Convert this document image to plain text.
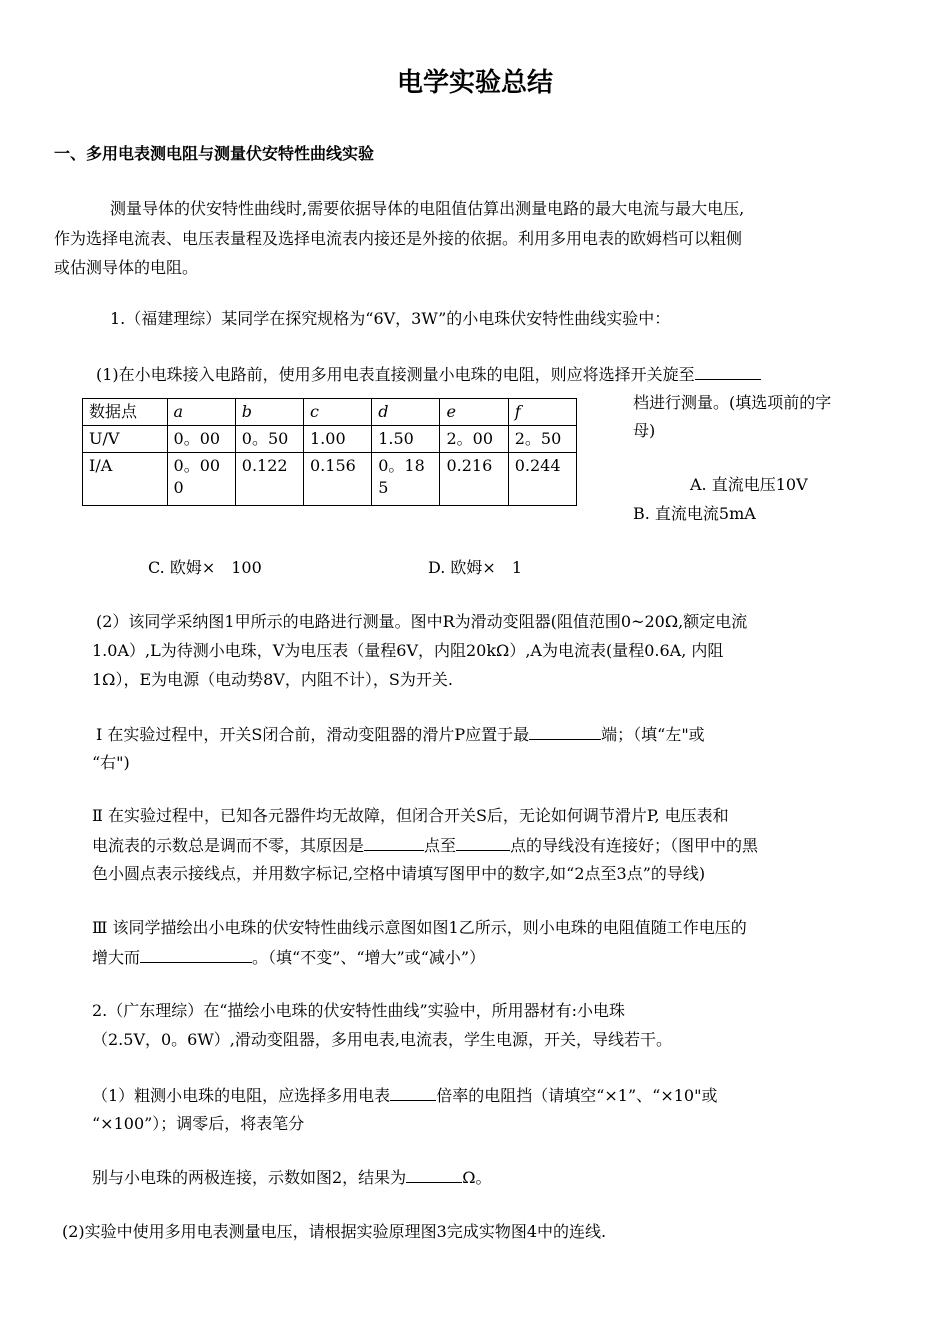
电学实验总结
一、多用电表测电阻与测量伏安特性曲线实验
测量导体的伏安特性曲线时,需要依据导体的电阻值估算出测量电路的最大电流与最大电压,
作为选择电流表、电压表量程及选择电流表内接还是外接的依据。利用多用电表的欧姆档可以粗侧
或估测导体的电阻。
1.（福建理综）某同学在探究规格为“6V，3W”的小电珠伏安特性曲线实验中：
(1)在小电珠接入电路前，使用多用电表直接测量小电珠的电阻，则应将选择开关旋至
数据点	a	b	c	d	e	f
U/V	0。00	0。50	1.00	1.50	2。00	2。50
I/A	0。000	0.122	0.156	0。185	0.216	0.244
档进行测量。(填选项前的字
母)
A. 直流电压10V
B. 直流电流5mA
C. 欧姆×　100	D. 欧姆×　1
(2）该同学采纳图1甲所示的电路进行测量。图中R为滑动变阻器(阻值范围0~20Ω,额定电流
1.0A）,L为待测小电珠，V为电压表（量程6V，内阻20kΩ）,A为电流表(量程0.6A, 内阻
1Ω），E为电源（电动势8V，内阻不计），S为开关.
Ⅰ 在实验过程中，开关S闭合前，滑动变阻器的滑片P应置于最	端；（填“左"或
“右")
Ⅱ 在实验过程中，已知各元器件均无故障，但闭合开关S后，无论如何调节滑片P, 电压表和
电流表的示数总是调而不零，其原因是	点至	点的导线没有连接好；（图甲中的黑
色小圆点表示接线点，并用数字标记,空格中请填写图甲中的数字,如“2点至3点”的导线)
Ⅲ 该同学描绘出小电珠的伏安特性曲线示意图如图1乙所示，则小电珠的电阻值随工作电压的
增大而	。（填“不变”、“增大”或“减小”）
2.（广东理综）在“描绘小电珠的伏安特性曲线”实验中，所用器材有:小电珠
（2.5V，0。6W）,滑动变阻器，多用电表,电流表，学生电源，开关，导线若干。
（1）粗测小电珠的电阻，应选择多用电表	倍率的电阻挡（请填空“×1”、“×10"或
“×100”）；调零后，将表笔分
别与小电珠的两极连接，示数如图2，结果为	Ω。
(2)实验中使用多用电表测量电压，请根据实验原理图3完成实物图4中的连线.
